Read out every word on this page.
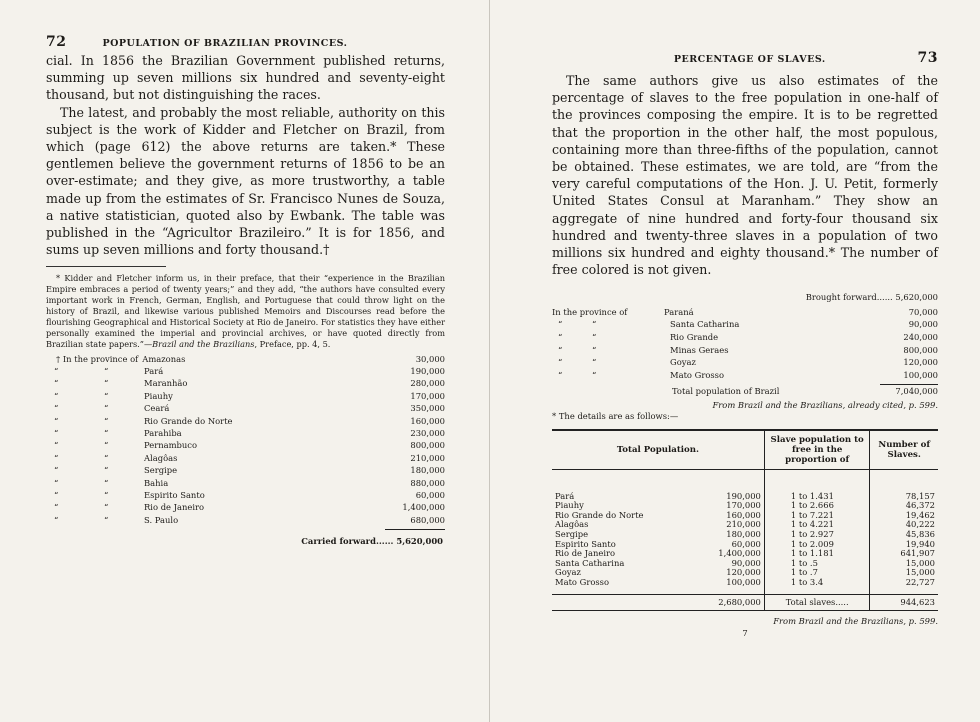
72	POPULATION OF BRAZILIAN PROVINCES.

cial. In 1856 the Brazilian Government published returns, summing up seven millions six hundred and seventy-eight thousand, but not distinguishing the races.

The latest, and probably the most reliable, authority on this subject is the work of Kidder and Fletcher on Brazil, from which (page 612) the above returns are taken.* These gentlemen believe the government returns of 1856 to be an over-estimate; and they give, as more trustworthy, a table made up from the estimates of Sr. Francisco Nunes de Souza, a native statistician, quoted also by Ewbank. The table was published in the “Agricultor Brazileiro.” It is for 1856, and sums up seven millions and forty thousand.†

* Kidder and Fletcher inform us, in their preface, that their “experience in the Brazilian Empire embraces a period of twenty years;” and they add, “the authors have consulted every important work in French, German, English, and Portuguese that could throw light on the history of Brazil, and likewise various published Memoirs and Discourses read before the flourishing Geographical and Historical Society at Rio de Janeiro. For statistics they have either personally examined the imperial and provincial archives, or have quoted directly from Brazilian state papers.”—Brazil and the Brazilians, Preface, pp. 4, 5.

† In the province of Amazonas	30,000
“	“	Pará	190,000
“	“	Maranhão	280,000
“	“	Piauhy	170,000
“	“	Ceará	350,000
“	“	Rio Grande do Norte	160,000
“	“	Parahiba	230,000
“	“	Pernambuco	800,000
“	“	Alagôas	210,000
“	“	Sergipe	180,000
“	“	Bahia	880,000
“	“	Espirito Santo	60,000
“	“	Rio de Janeiro	1,400,000
“	“	S. Paulo	680,000
Carried forward...... 5,620,000
PERCENTAGE OF SLAVES.	73

The same authors give us also estimates of the percentage of slaves to the free population in one-half of the provinces composing the empire. It is to be regretted that the proportion in the other half, the most populous, containing more than three-fifths of the population, cannot be obtained. These estimates, we are told, are “from the very careful computations of the Hon. J. U. Petit, formerly United States Consul at Maranham.” They show an aggregate of nine hundred and forty-four thousand six hundred and twenty-three slaves in a population of two millions six hundred and eighty thousand.* The number of free colored is not given.

Brought forward...... 5,620,000
In the province of	Paraná	70,000
“	“	Santa Catharina	90,000
“	“	Rio Grande	240,000
“	“	Minas Geraes	800,000
“	“	Goyaz	120,000
“	“	Mato Grosso	100,000
Total population of Brazil	7,040,000
From Brazil and the Brazilians, already cited, p. 599.
* The details are as follows:—
Total Population.		Slave population to free in the proportion of	Number of Slaves.

Pará	190,000	1 to 1.431	78,157
Piauhy	170,000	1 to 2.666	46,372
Rio Grande do Norte	160,000	1 to 7.221	19,462
Alagôas	210,000	1 to 4.221	40,222
Sergipe	180,000	1 to 2.927	45,836
Espirito Santo	60,000	1 to 2.009	19,940
Rio de Janeiro	1,400,000	1 to 1.181	641,907
Santa Catharina	90,000	1 to .5	15,000
Goyaz	120,000	1 to .7	15,000
Mato Grosso	100,000	1 to 3.4	22,727

	2,680,000	Total slaves.....	944,623
From Brazil and the Brazilians, p. 599.
7
